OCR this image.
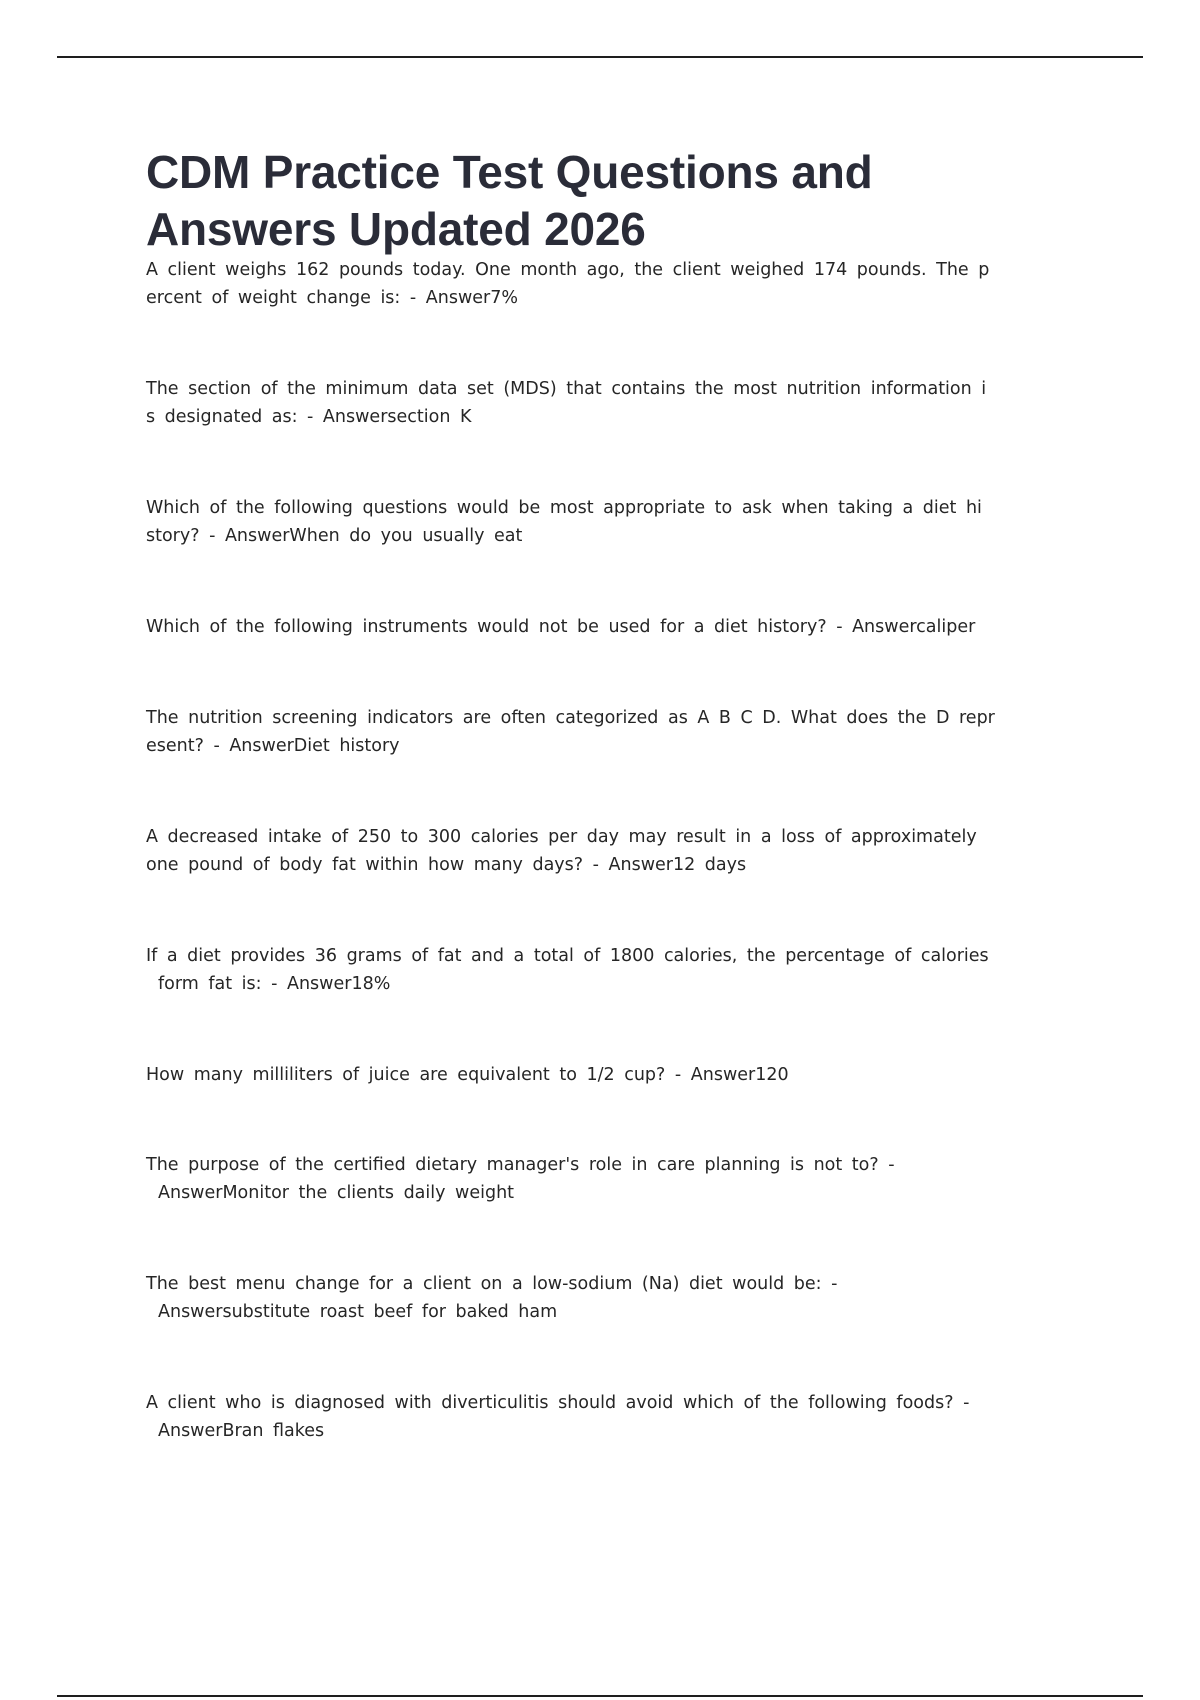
CDM Practice Test Questions and
Answers Updated 2026
A client weighs 162 pounds today. One month ago, the client weighed 174 pounds. The p
ercent of weight change is: - Answer7%
The section of the minimum data set (MDS) that contains the most nutrition information i
s designated as: - Answersection K
Which of the following questions would be most appropriate to ask when taking a diet hi
story? - AnswerWhen do you usually eat
Which of the following instruments would not be used for a diet history? - Answercaliper
The nutrition screening indicators are often categorized as A B C D. What does the D repr
esent? - AnswerDiet history
A decreased intake of 250 to 300 calories per day may result in a loss of approximately
one pound of body fat within how many days? - Answer12 days
If a diet provides 36 grams of fat and a total of 1800 calories, the percentage of calories
form fat is: - Answer18%
How many milliliters of juice are equivalent to 1/2 cup? - Answer120
The purpose of the certified dietary manager's role in care planning is not to? -
AnswerMonitor the clients daily weight
The best menu change for a client on a low-sodium (Na) diet would be: -
Answersubstitute roast beef for baked ham
A client who is diagnosed with diverticulitis should avoid which of the following foods? -
AnswerBran flakes
